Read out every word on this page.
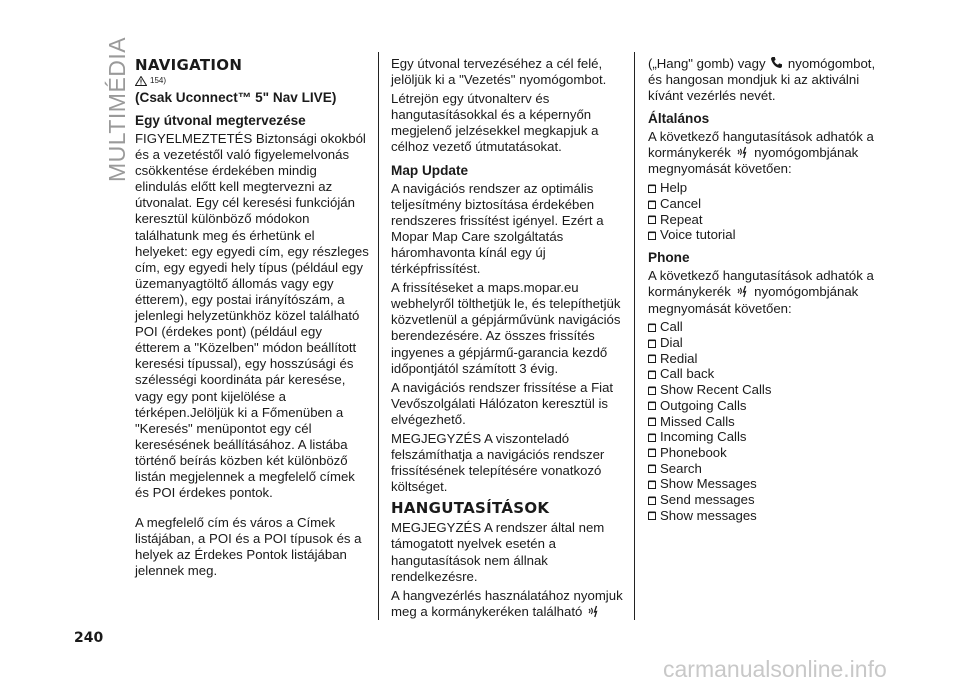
MULTIMÉDIA NAVIGATION
154)
(Csak Uconnect™ 5" Nav LIVE)
Egy útvonal megtervezése

FIGYELMEZTETÉS Biztonsági okokból és a vezetéstől való figyelemelvonás csökkentése érdekében mindig elindulás előtt kell megtervezni az útvonalat. Egy cél keresési funkcióján keresztül különböző módokon találhatunk meg és érhetünk el helyeket: egy egyedi cím, egy részleges cím, egy egyedi hely típus (például egy üzemanyagtöltő állomás vagy egy étterem), egy postai irányítószám, a jelenlegi helyzetünkhöz közel található POI (érdekes pont) (például egy étterem a "Közelben" módon beállított keresési típussal), egy hosszúsági és szélességi koordináta pár keresése, vagy egy pont kijelölése a térképen.Jelöljük ki a Főmenüben a "Keresés" menüpontot egy cél keresésének beállításához. A listába történő beírás közben két különböző listán megjelennek a megfelelő címek és POI érdekes pontok.

A megfelelő cím és város a Címek listájában, a POI és a POI típusok és a helyek az Érdekes Pontok listájában jelennek meg.

Egy útvonal tervezéséhez a cél felé, jelöljük ki a "Vezetés" nyomógombot.

Létrejön egy útvonalterv és hangutasításokkal és a képernyőn megjelenő jelzésekkel megkapjuk a célhoz vezető útmutatásokat.

Map Update

A navigációs rendszer az optimális teljesítmény biztosítása érdekében rendszeres frissítést igényel. Ezért a Mopar Map Care szolgáltatás háromhavonta kínál egy új térképfrissítést.

A frissítéseket a maps.mopar.eu webhelyről tölthetjük le, és telepíthetjük közvetlenül a gépjárművünk navigációs berendezésére. Az összes frissítés ingyenes a gépjármű-garancia kezdő időpontjától számított 3 évig.

A navigációs rendszer frissítése a Fiat Vevőszolgálati Hálózaton keresztül is elvégezhető.

MEGJEGYZÉS A viszonteladó felszámíthatja a navigációs rendszer frissítésének telepítésére vonatkozó költséget.

HANGUTASÍTÁSOK

MEGJEGYZÉS A rendszer által nem támogatott nyelvek esetén a hangutasítások nem állnak rendelkezésre.

A hangvezérlés használatához nyomjuk meg a kormánykeréken található

(„Hang" gomb) vagy nyomógombot, és hangosan mondjuk ki az aktiválni kívánt vezérlés nevét.

Általános

A következő hangutasítások adhatók a kormánykerék nyomógombjának megnyomását követően:

Help
Cancel
Repeat
Voice tutorial
Phone

A következő hangutasítások adhatók a kormánykerék nyomógombjának megnyomását követően:

Call
Dial
Redial
Call back
Show Recent Calls
Outgoing Calls
Missed Calls
Incoming Calls
Phonebook
Search
Show Messages
Send messages
Show messages
240
carmanualsonline.info
